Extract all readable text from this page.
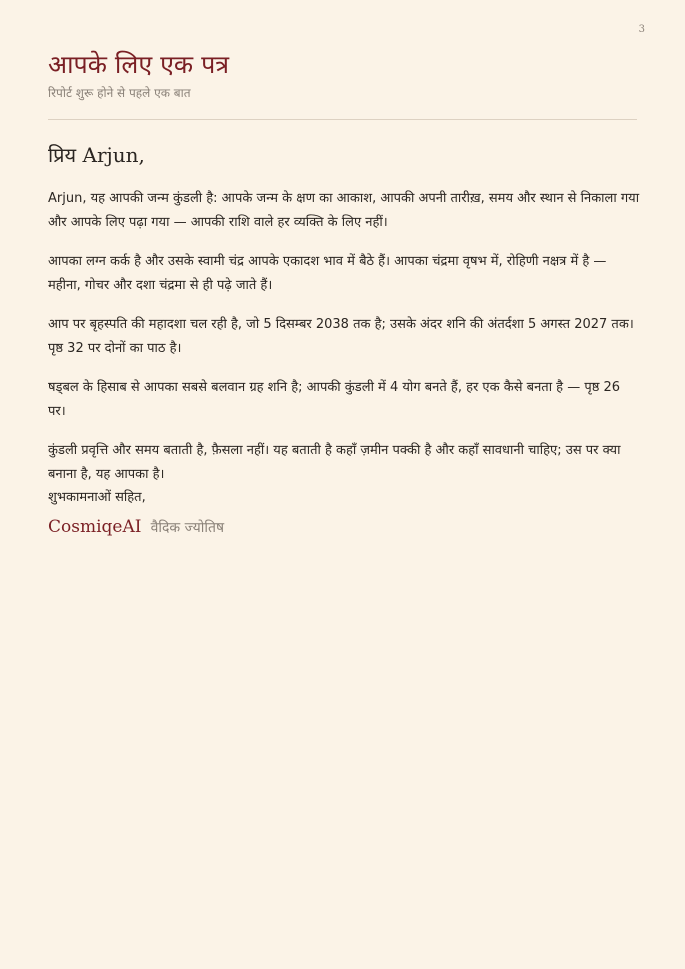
3
आपके लिए एक पत्र
रिपोर्ट शुरू होने से पहले एक बात
प्रिय Arjun,

Arjun, यह आपकी जन्म कुंडली है: आपके जन्म के क्षण का आकाश, आपकी अपनी तारीख़, समय और स्थान से निकाला गया और आपके लिए पढ़ा गया — आपकी राशि वाले हर व्यक्ति के लिए नहीं।

आपका लग्न कर्क है और उसके स्वामी चंद्र आपके एकादश भाव में बैठे हैं। आपका चंद्रमा वृषभ में, रोहिणी नक्षत्र में है — महीना, गोचर और दशा चंद्रमा से ही पढ़े जाते हैं।

आप पर बृहस्पति की महादशा चल रही है, जो 5 दिसम्बर 2038 तक है; उसके अंदर शनि की अंतर्दशा 5 अगस्त 2027 तक। पृष्ठ 32 पर दोनों का पाठ है।

षड्बल के हिसाब से आपका सबसे बलवान ग्रह शनि है; आपकी कुंडली में 4 योग बनते हैं, हर एक कैसे बनता है — पृष्ठ 26 पर।

कुंडली प्रवृत्ति और समय बताती है, फ़ैसला नहीं। यह बताती है कहाँ ज़मीन पक्की है और कहाँ सावधानी चाहिए; उस पर क्या बनाना है, यह आपका है।

शुभकामनाओं सहित,
CosmiqeAI वैदिक ज्योतिष
